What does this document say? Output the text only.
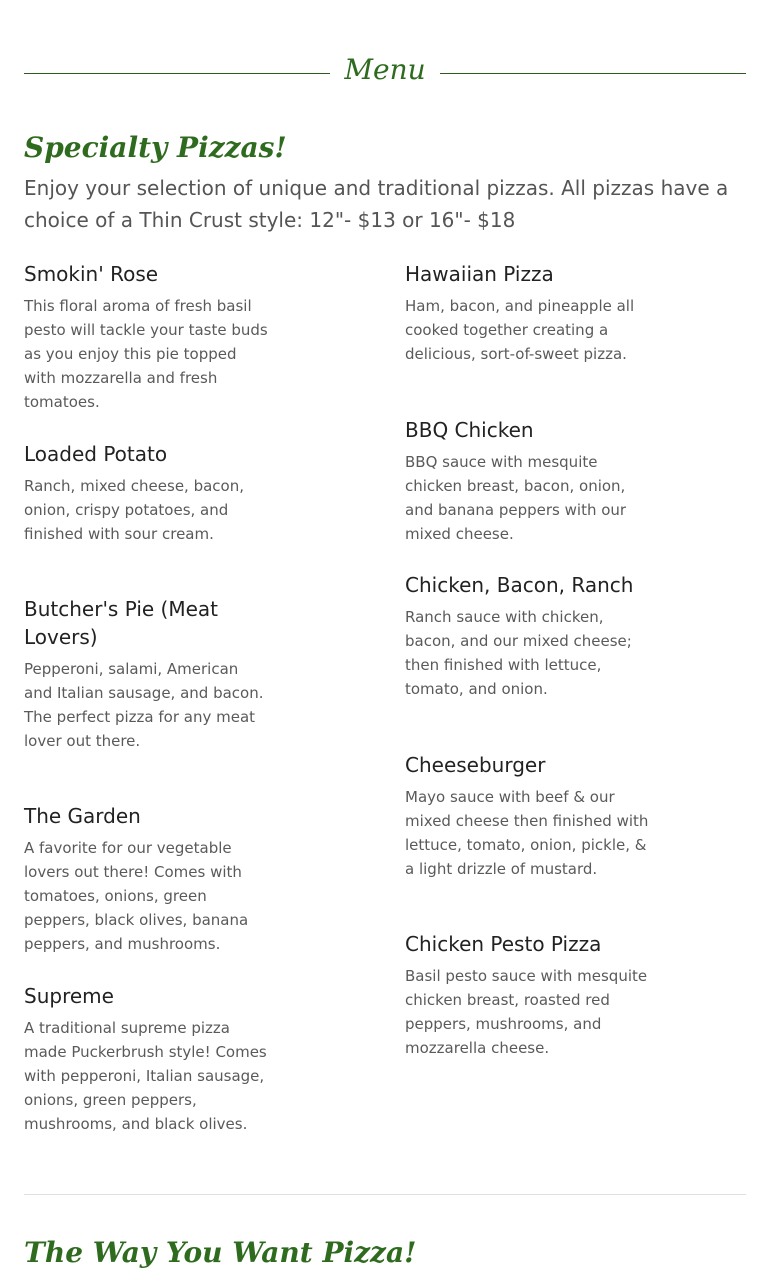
Menu
Specialty Pizzas!

Enjoy your selection of unique and traditional pizzas. All pizzas have a choice of a Thin Crust style: 12"- $13 or 16"- $18

Smokin' Rose

This floral aroma of fresh basil pesto will tackle your taste buds as you enjoy this pie topped with mozzarella and fresh tomatoes.

Loaded Potato

Ranch, mixed cheese, bacon, onion, crispy potatoes, and finished with sour cream.

Butcher's Pie (Meat Lovers)

Pepperoni, salami, American and Italian sausage, and bacon. The perfect pizza for any meat lover out there.

The Garden

A favorite for our vegetable lovers out there! Comes with tomatoes, onions, green peppers, black olives, banana peppers, and mushrooms.

Supreme

A traditional supreme pizza made Puckerbrush style! Comes with pepperoni, Italian sausage, onions, green peppers, mushrooms, and black olives.

Hawaiian Pizza

Ham, bacon, and pineapple all cooked together creating a delicious, sort-of-sweet pizza.

BBQ Chicken

BBQ sauce with mesquite chicken breast, bacon, onion, and banana peppers with our mixed cheese.

Chicken, Bacon, Ranch

Ranch sauce with chicken, bacon, and our mixed cheese; then finished with lettuce, tomato, and onion.

Cheeseburger

Mayo sauce with beef & our mixed cheese then finished with lettuce, tomato, onion, pickle, & a light drizzle of mustard.

Chicken Pesto Pizza

Basil pesto sauce with mesquite chicken breast, roasted red peppers, mushrooms, and mozzarella cheese.

The Way You Want Pizza!
